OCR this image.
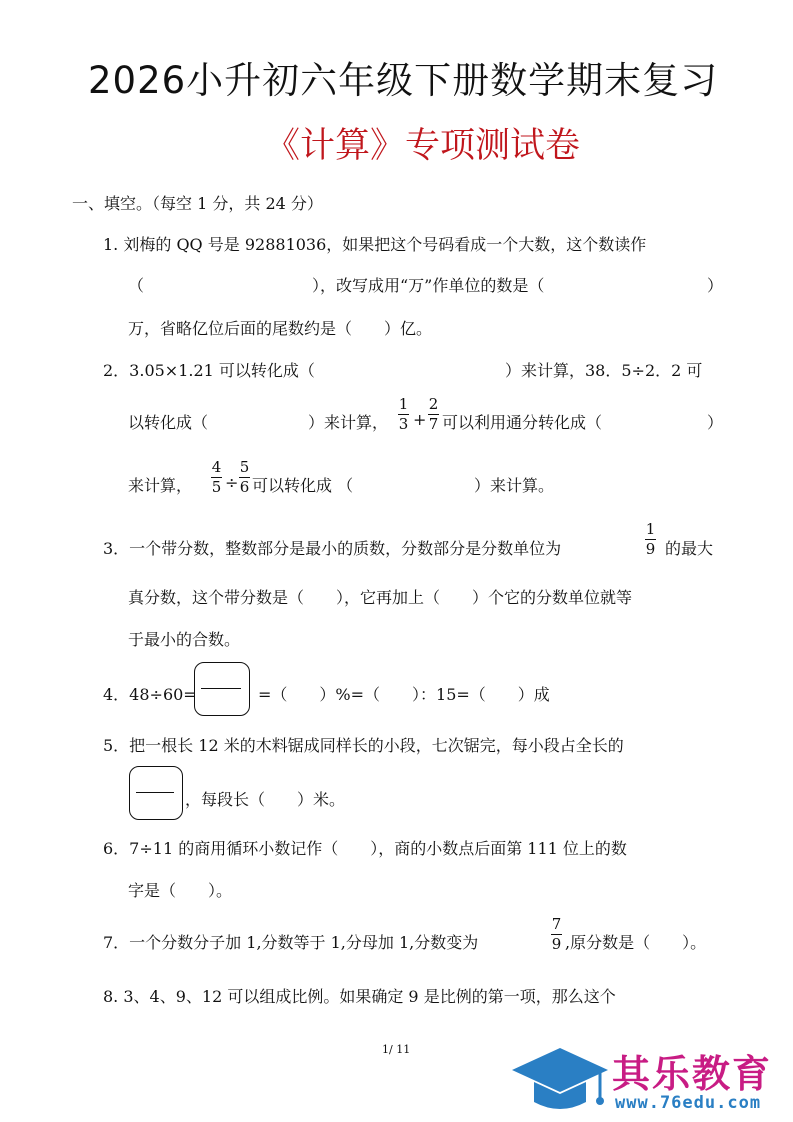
2026小升初六年级下册数学期末复习
《计算》专项测试卷
一、填空。（每空 1 分，共 24 分）
1. 刘梅的 QQ 号是 92881036，如果把这个号码看成一个大数，这个数读作
（	），改写成用“万”作单位的数是（	）
万，省略亿位后面的尾数约是（　　）亿。
2．3.05×1.21 可以转化成（	）来计算，38．5÷2．2 可
以转化成（	）来计算，
1
3 +
2
7 可以利用通分转化成（	）
来计算，
4
5 ÷
5
6 可以转化成 （	）来计算。
3．一个带分数，整数部分是最小的质数，分数部分是分数单位为
1
9 的最大
真分数，这个带分数是（　　），它再加上（　　）个它的分数单位就等
于最小的合数。
4．48÷60=	=（　　）%=（　　）：15=（　　）成
5．把一根长 12 米的木料锯成同样长的小段，七次锯完，每小段占全长的
，每段长（　　）米。
6．7÷11 的商用循环小数记作（　　），商的小数点后面第 111 位上的数
字是（　　）。
7．一个分数分子加 1,分数等于 1,分母加 1,分数变为
7
9 ,原分数是（　　）。
8. 3、4、9、12 可以组成比例。如果确定 9 是比例的第一项，那么这个
1/ 11
其乐教育
www.76edu.com
